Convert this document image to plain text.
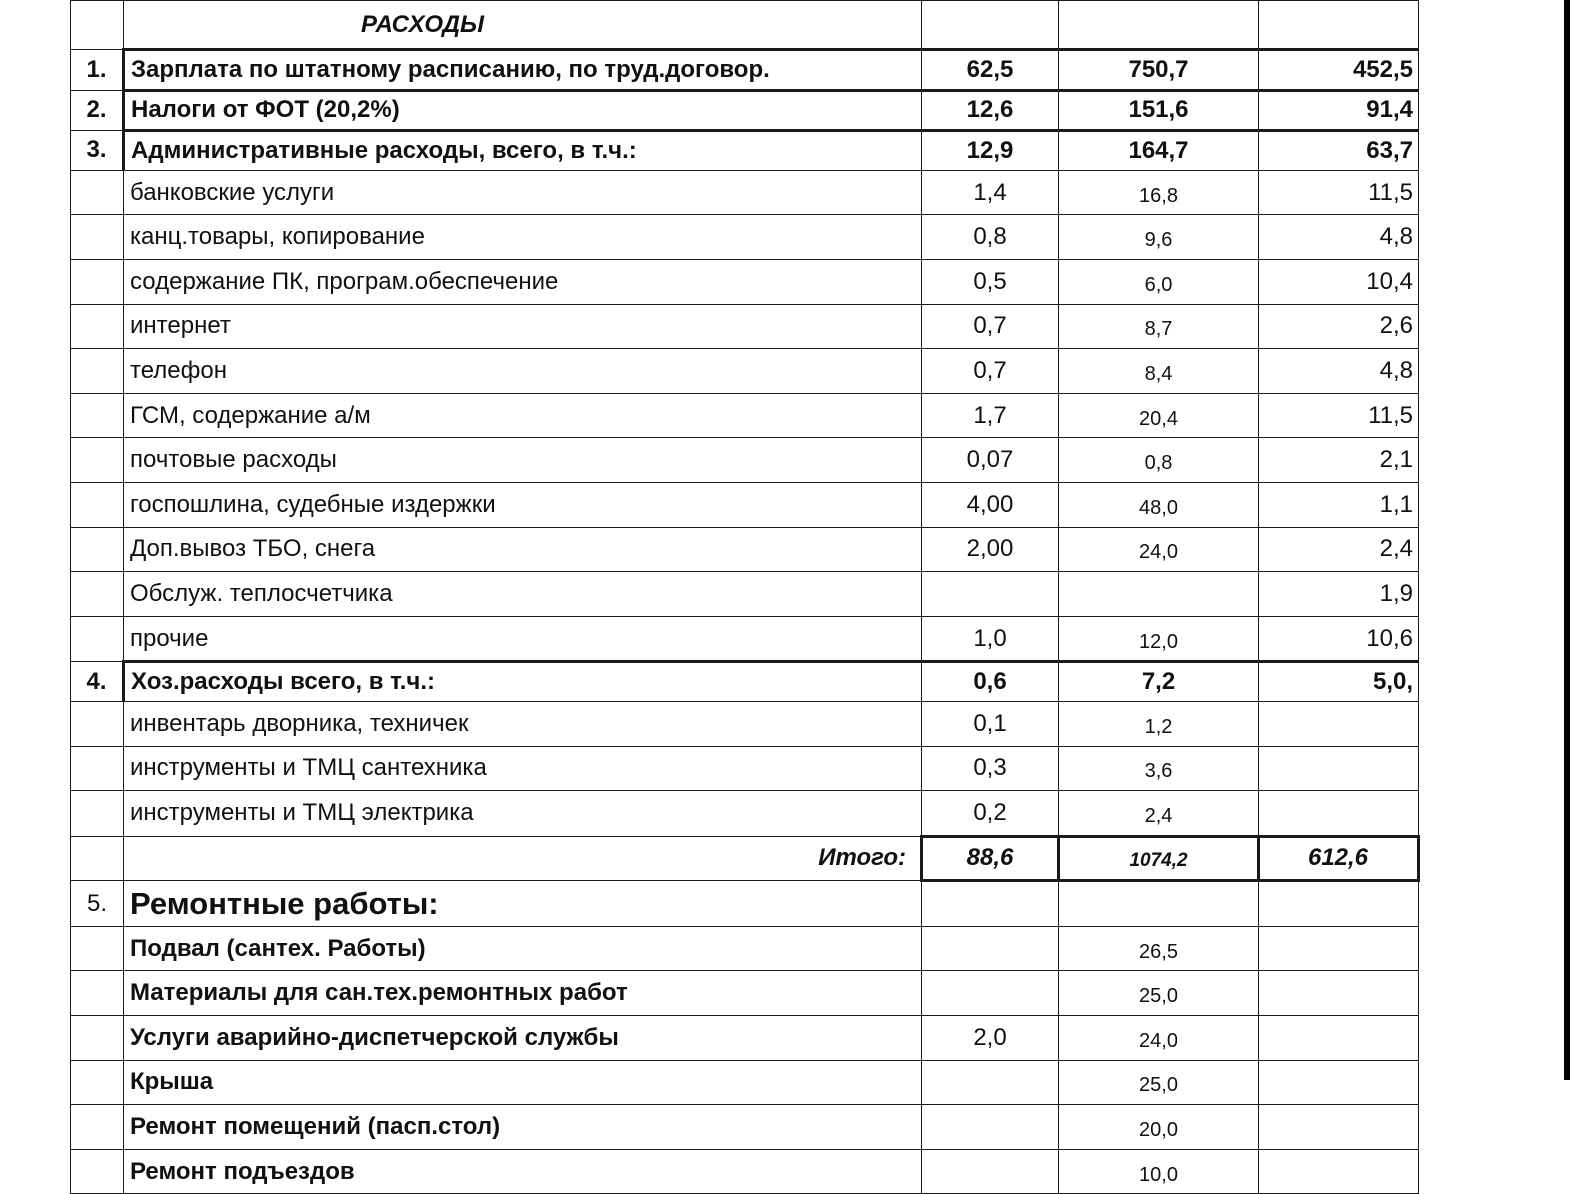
	РАСХОДЫ			
1.	Зарплата по штатному расписанию, по труд.договор.	62,5	750,7	452,5
2.	Налоги от ФОТ (20,2%)	12,6	151,6	91,4
3.	Административные расходы, всего, в т.ч.:	12,9	164,7	63,7
	банковские услуги	1,4	16,8	11,5
	канц.товары, копирование	0,8	9,6	4,8
	содержание ПК, програм.обеспечение	0,5	6,0	10,4
	интернет	0,7	8,7	2,6
	телефон	0,7	8,4	4,8
	ГСМ, содержание а/м	1,7	20,4	11,5
	почтовые расходы	0,07	0,8	2,1
	госпошлина, судебные издержки	4,00	48,0	1,1
	Доп.вывоз ТБО, снега	2,00	24,0	2,4
	Обслуж. теплосчетчика			1,9
	прочие	1,0	12,0	10,6
4.	Хоз.расходы всего, в т.ч.:	0,6	7,2	5,0,
	инвентарь дворника, техничек	0,1	1,2	
	инструменты и ТМЦ сантехника	0,3	3,6	
	инструменты и ТМЦ электрика	0,2	2,4	
	Итого:	88,6	1074,2	612,6
5.	Ремонтные работы:			
	Подвал (сантех. Работы)		26,5	
	Материалы для сан.тех.ремонтных работ		25,0	
	Услуги аварийно-диспетчерской службы	2,0	24,0	
	Крыша		25,0	
	Ремонт помещений (пасп.стол)		20,0	
	Ремонт подъездов		10,0	
